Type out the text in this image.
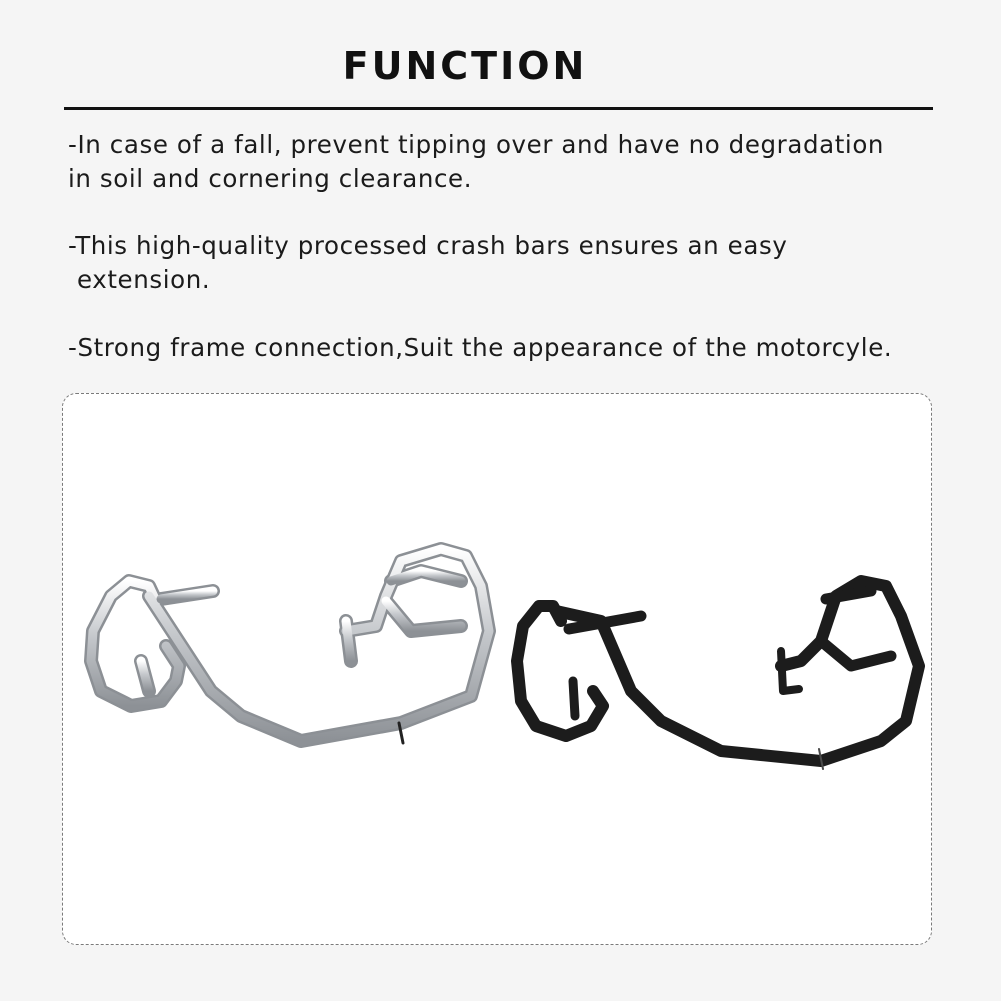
FUNCTION
-In case of a fall, prevent tipping over and have no degradation
in soil and cornering clearance.
-This high-quality processed crash bars ensures an easy
extension.
-Strong frame connection,Suit the appearance of the motorcyle.
